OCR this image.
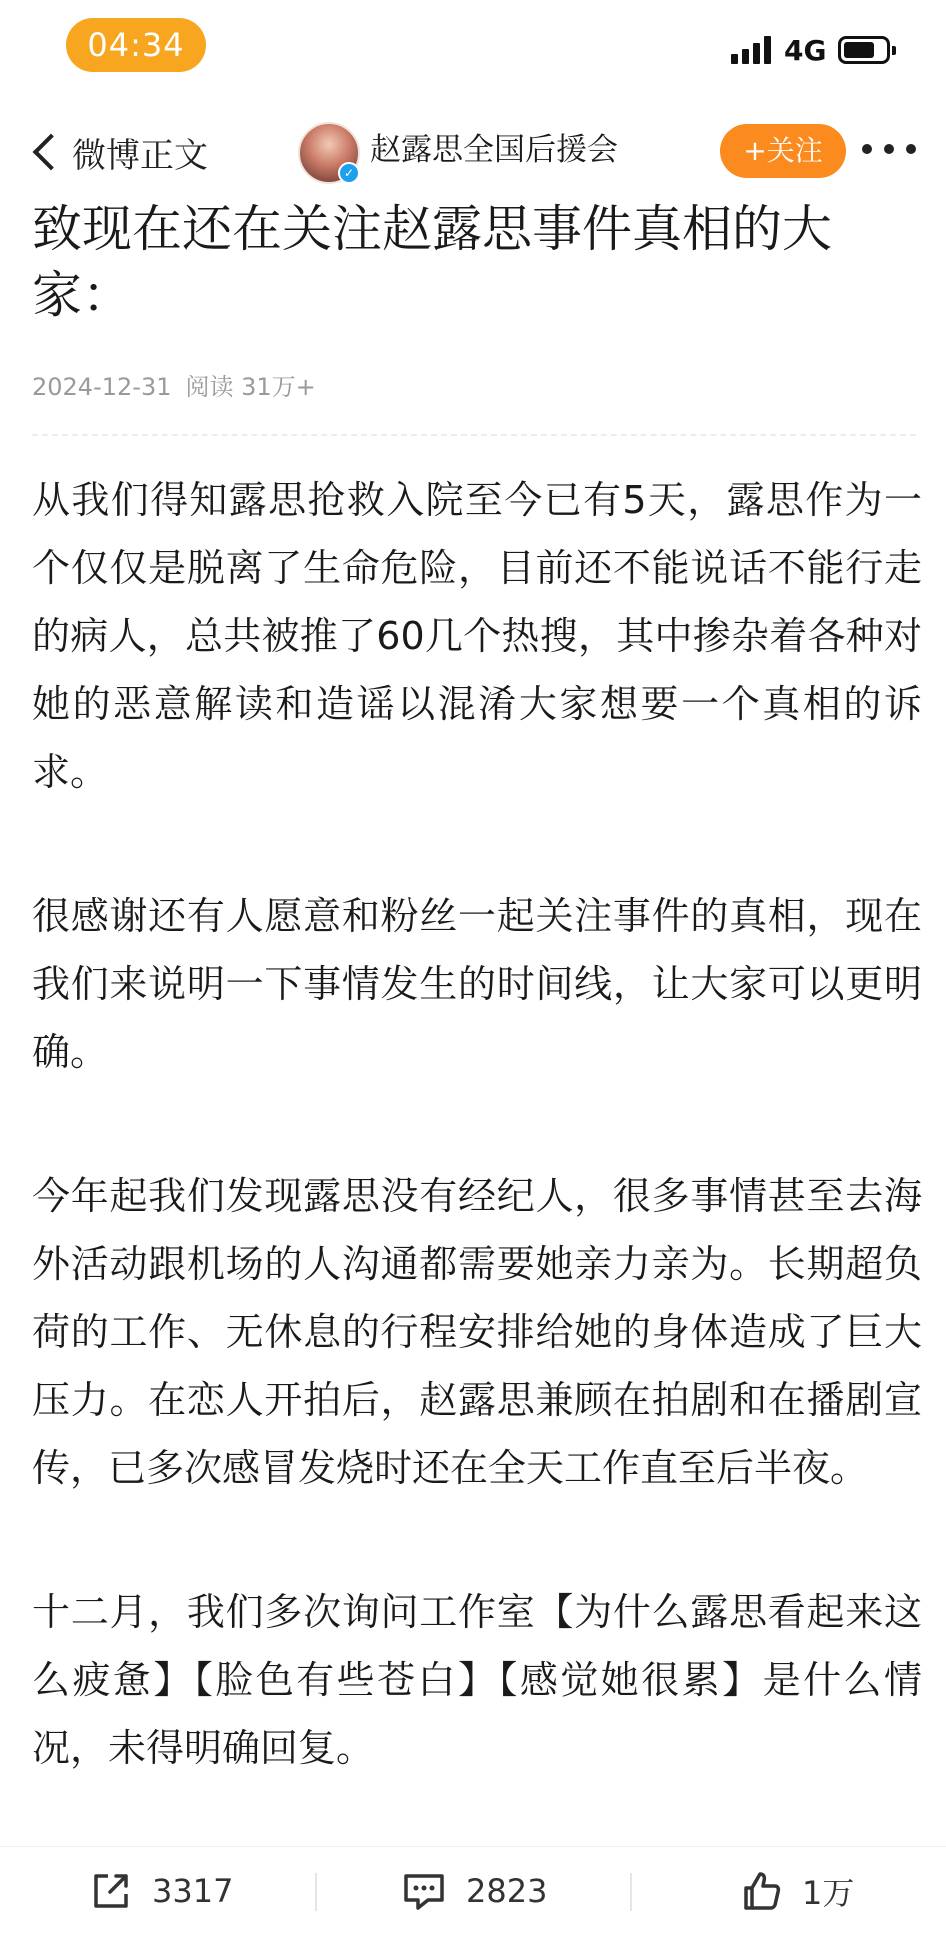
04:34	4G
微博正文	✓
赵露思全国后援会	+关注
致现在还在关注赵露思事件真相的大家：
2024-12-31 阅读 31万+

从我们得知露思抢救入院至今已有5天，露思作为一个仅仅是脱离了生命危险，目前还不能说话不能行走的病人，总共被推了60几个热搜，其中掺杂着各种对她的恶意解读和造谣以混淆大家想要一个真相的诉求。

很感谢还有人愿意和粉丝一起关注事件的真相，现在我们来说明一下事情发生的时间线，让大家可以更明确。

今年起我们发现露思没有经纪人，很多事情甚至去海外活动跟机场的人沟通都需要她亲力亲为。长期超负荷的工作、无休息的行程安排给她的身体造成了巨大压力。在恋人开拍后，赵露思兼顾在拍剧和在播剧宣传，已多次感冒发烧时还在全天工作直至后半夜。

十二月，我们多次询问工作室【为什么露思看起来这么疲惫】【脸色有些苍白】【感觉她很累】是什么情况，未得明确回复。

3317	2823	1万
